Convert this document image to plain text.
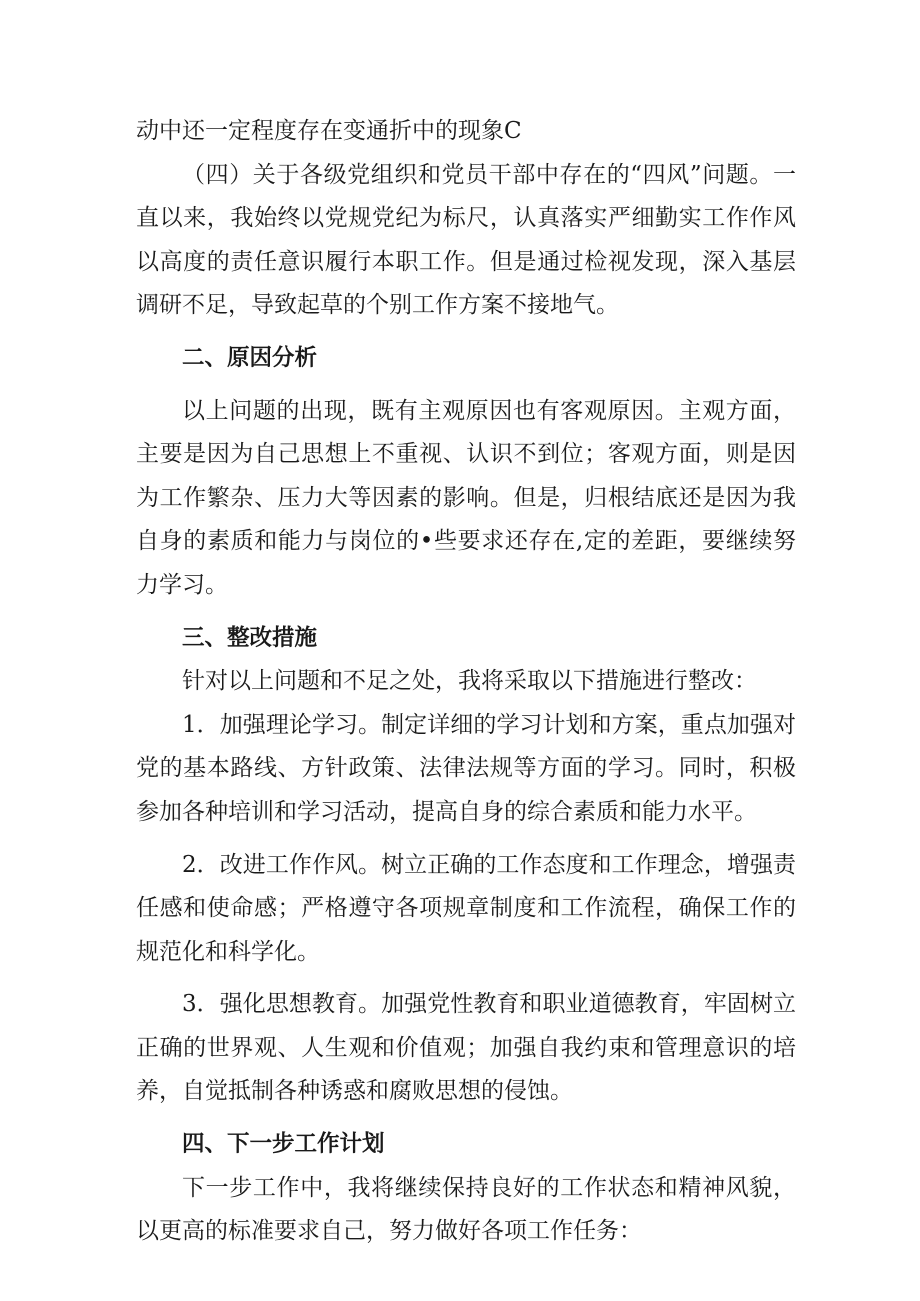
动中还一定程度存在变通折中的现象C

（四）关于各级党组织和党员干部中存在的“四风”问题。一直以来，我始终以党规党纪为标尺，认真落实严细勤实工作作风以高度的责任意识履行本职工作。但是通过检视发现，深入基层调研不足，导致起草的个别工作方案不接地气。

二、原因分析

以上问题的出现，既有主观原因也有客观原因。主观方面，主要是因为自己思想上不重视、认识不到位；客观方面，则是因为工作繁杂、压力大等因素的影响。但是，归根结底还是因为我自身的素质和能力与岗位的•些要求还存在,定的差距，要继续努力学习。

三、整改措施

针对以上问题和不足之处，我将采取以下措施进行整改：

1．加强理论学习。制定详细的学习计划和方案，重点加强对党的基本路线、方针政策、法律法规等方面的学习。同时，积极参加各种培训和学习活动，提高自身的综合素质和能力水平。

2．改进工作作风。树立正确的工作态度和工作理念，增强责任感和使命感；严格遵守各项规章制度和工作流程，确保工作的规范化和科学化。

3．强化思想教育。加强党性教育和职业道德教育，牢固树立正确的世界观、人生观和价值观；加强自我约束和管理意识的培养，自觉抵制各种诱惑和腐败思想的侵蚀。

四、下一步工作计划

下一步工作中，我将继续保持良好的工作状态和精神风貌，以更高的标准要求自己，努力做好各项工作任务：
